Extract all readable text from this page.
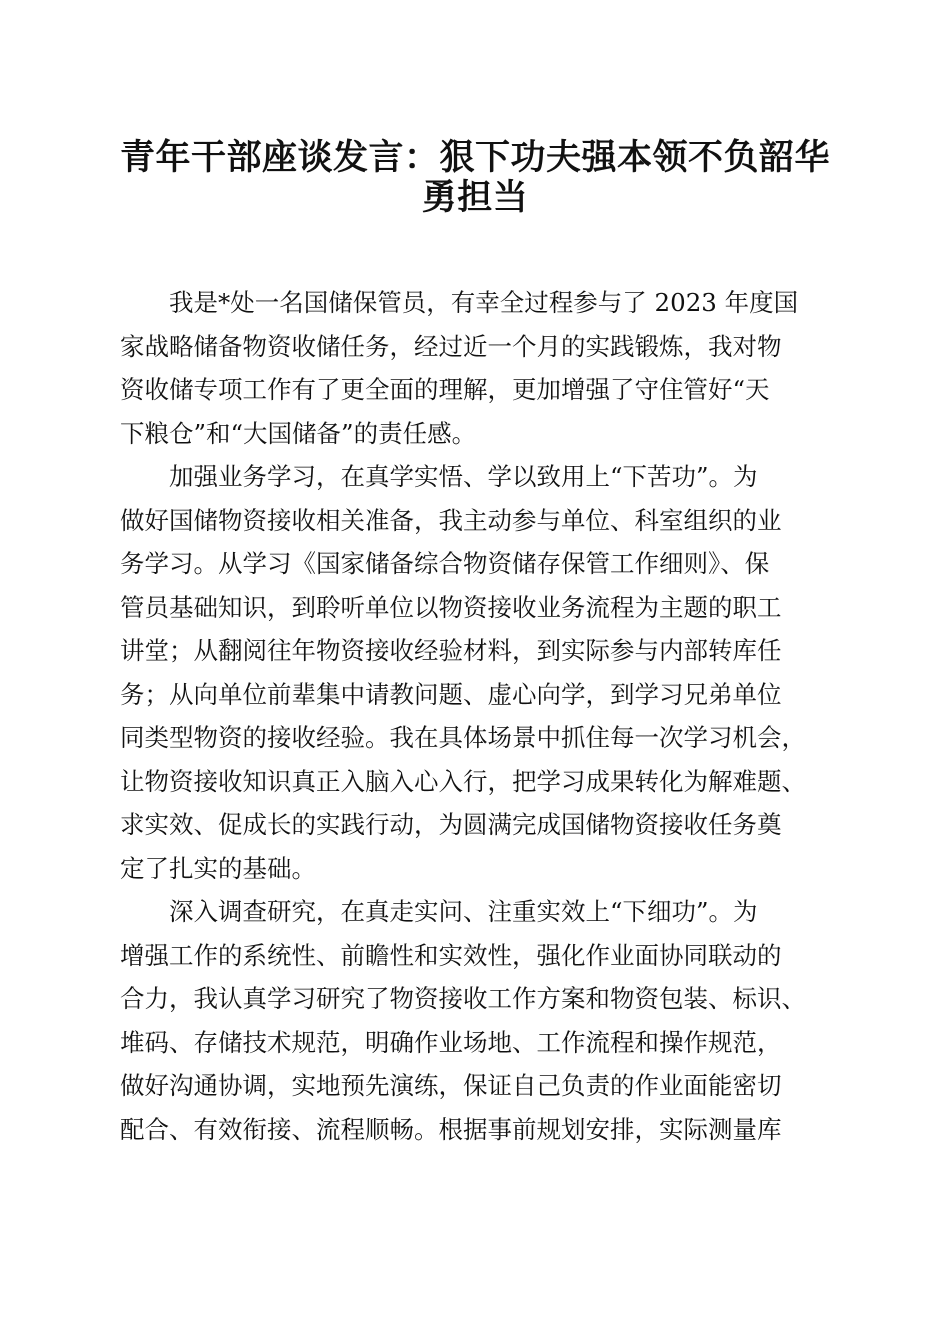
青年干部座谈发言：狠下功夫强本领不负韶华
勇担当

　　我是*处一名国储保管员，有幸全过程参与了 2023 年度国
家战略储备物资收储任务，经过近一个月的实践锻炼，我对物
资收储专项工作有了更全面的理解，更加增强了守住管好“天
下粮仓”和“大国储备”的责任感。

　　加强业务学习，在真学实悟、学以致用上“下苦功”。为
做好国储物资接收相关准备，我主动参与单位、科室组织的业
务学习。从学习《国家储备综合物资储存保管工作细则》、保
管员基础知识，到聆听单位以物资接收业务流程为主题的职工
讲堂；从翻阅往年物资接收经验材料，到实际参与内部转库任
务；从向单位前辈集中请教问题、虚心向学，到学习兄弟单位
同类型物资的接收经验。我在具体场景中抓住每一次学习机会，
让物资接收知识真正入脑入心入行，把学习成果转化为解难题、
求实效、促成长的实践行动，为圆满完成国储物资接收任务奠
定了扎实的基础。

　　深入调查研究，在真走实问、注重实效上“下细功”。为
增强工作的系统性、前瞻性和实效性，强化作业面协同联动的
合力，我认真学习研究了物资接收工作方案和物资包装、标识、
堆码、存储技术规范，明确作业场地、工作流程和操作规范，
做好沟通协调，实地预先演练，保证自己负责的作业面能密切
配合、有效衔接、流程顺畅。根据事前规划安排，实际测量库
